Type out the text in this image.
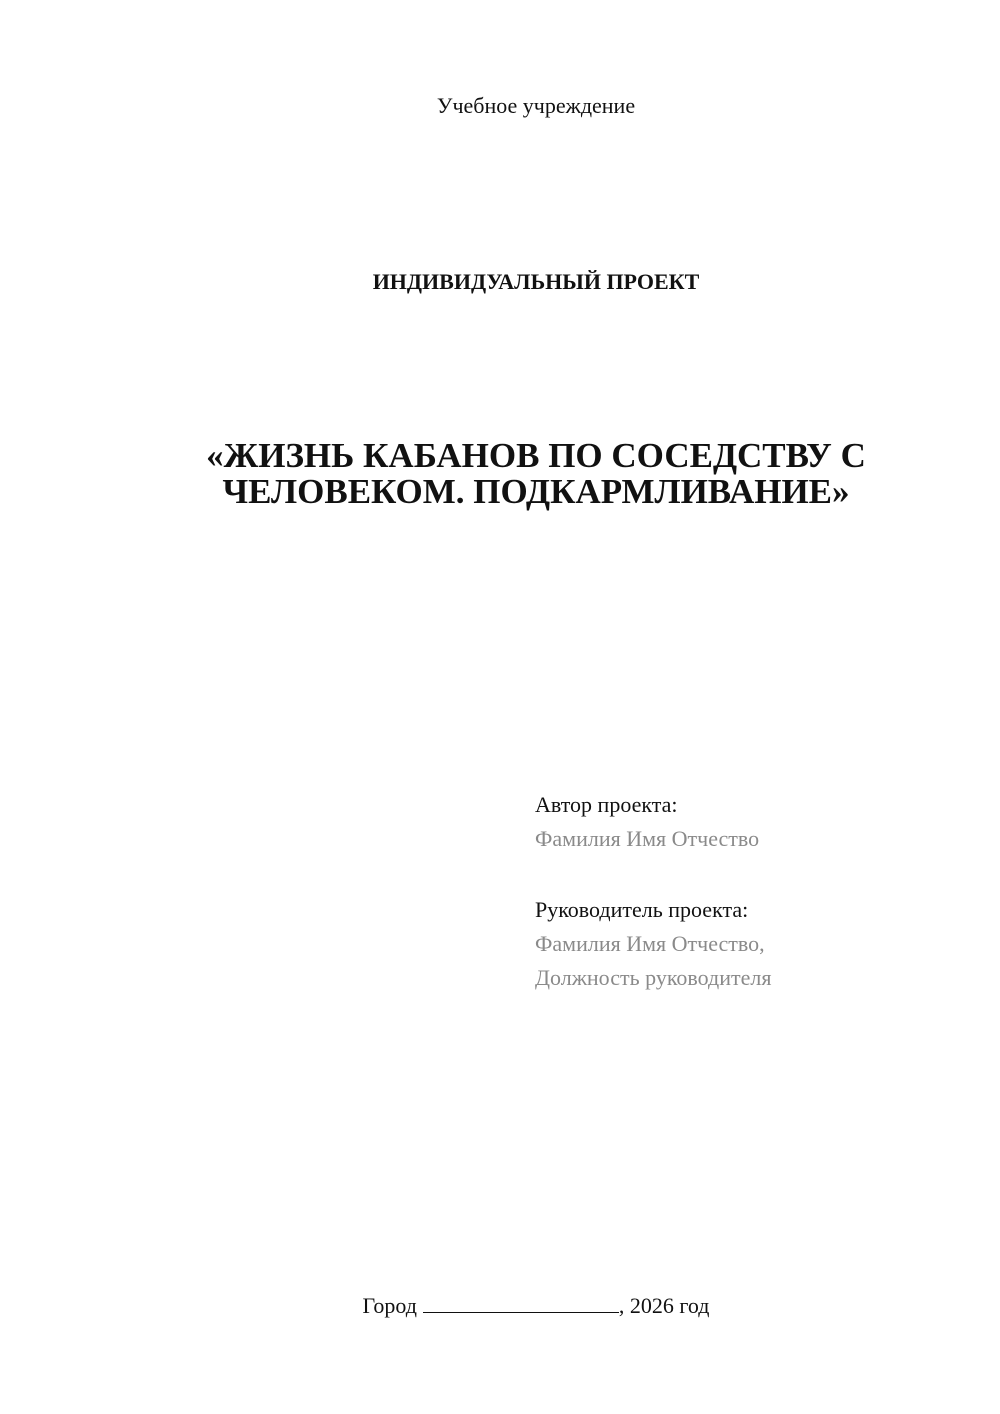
Учебное учреждение
ИНДИВИДУАЛЬНЫЙ ПРОЕКТ
«ЖИЗНЬ КАБАНОВ ПО СОСЕДСТВУ С
ЧЕЛОВЕКОМ. ПОДКАРМЛИВАНИЕ»
Автор проекта:
Фамилия Имя Отчество
Руководитель проекта:
Фамилия Имя Отчество,
Должность руководителя
Город	, 2026 год
